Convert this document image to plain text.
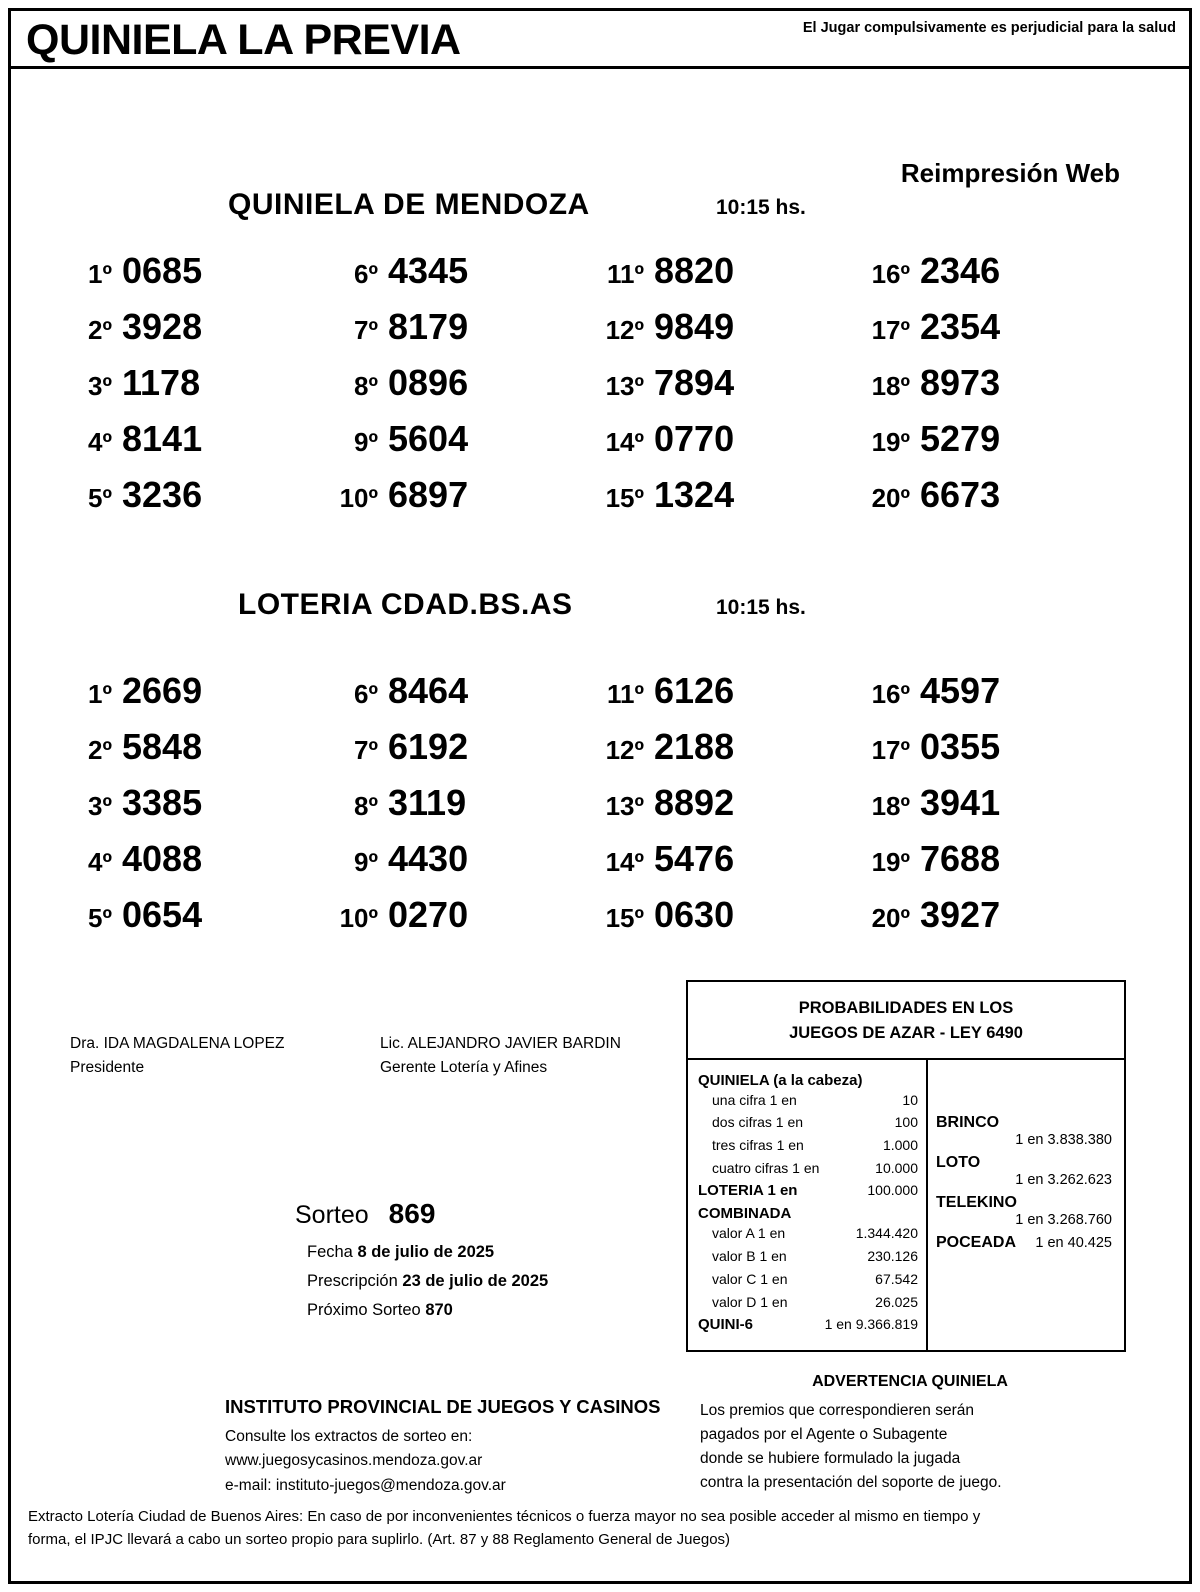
QUINIELA LA PREVIA	El Jugar compulsivamente es perjudicial para la salud
Reimpresión Web
QUINIELA DE MENDOZA	10:15 hs.
1º 0685	6º 4345	11º 8820	16º 2346
2º 3928	7º 8179	12º 9849	17º 2354
3º 1178	8º 0896	13º 7894	18º 8973
4º 8141	9º 5604	14º 0770	19º 5279
5º 3236	10º 6897	15º 1324	20º 6673
LOTERIA CDAD.BS.AS	10:15 hs.
1º 2669	6º 8464	11º 6126	16º 4597
2º 5848	7º 6192	12º 2188	17º 0355
3º 3385	8º 3119	13º 8892	18º 3941
4º 4088	9º 4430	14º 5476	19º 7688
5º 0654	10º 0270	15º 0630	20º 3927
Dra. IDA MAGDALENA LOPEZ
Presidente
Lic. ALEJANDRO JAVIER BARDIN
Gerente Lotería y Afines
Sorteo 869
Fecha 8 de julio de 2025
Prescripción 23 de julio de 2025
Próximo Sorteo 870
PROBABILIDADES EN LOS
JUEGOS DE AZAR - LEY 6490
QUINIELA (a la cabeza)
una cifra 1 en	10
dos cifras 1 en	100
tres cifras 1 en	1.000
cuatro cifras 1 en	10.000
LOTERIA 1 en	100.000
COMBINADA
valor A 1 en	1.344.420
valor B 1 en	230.126
valor C 1 en	67.542
valor D 1 en	26.025
QUINI-6	1 en 9.366.819
BRINCO
1 en 3.838.380
LOTO
1 en 3.262.623
TELEKINO
1 en 3.268.760
POCEADA 1 en 40.425
ADVERTENCIA QUINIELA
Los premios que correspondieren serán
pagados por el Agente o Subagente
donde se hubiere formulado la jugada
contra la presentación del soporte de juego.
INSTITUTO PROVINCIAL DE JUEGOS Y CASINOS
Consulte los extractos de sorteo en:
www.juegosycasinos.mendoza.gov.ar
e-mail: instituto-juegos@mendoza.gov.ar
Extracto Lotería Ciudad de Buenos Aires: En caso de por inconvenientes técnicos o fuerza mayor no sea posible acceder al mismo en tiempo y
forma, el IPJC llevará a cabo un sorteo propio para suplirlo. (Art. 87 y 88 Reglamento General de Juegos)
